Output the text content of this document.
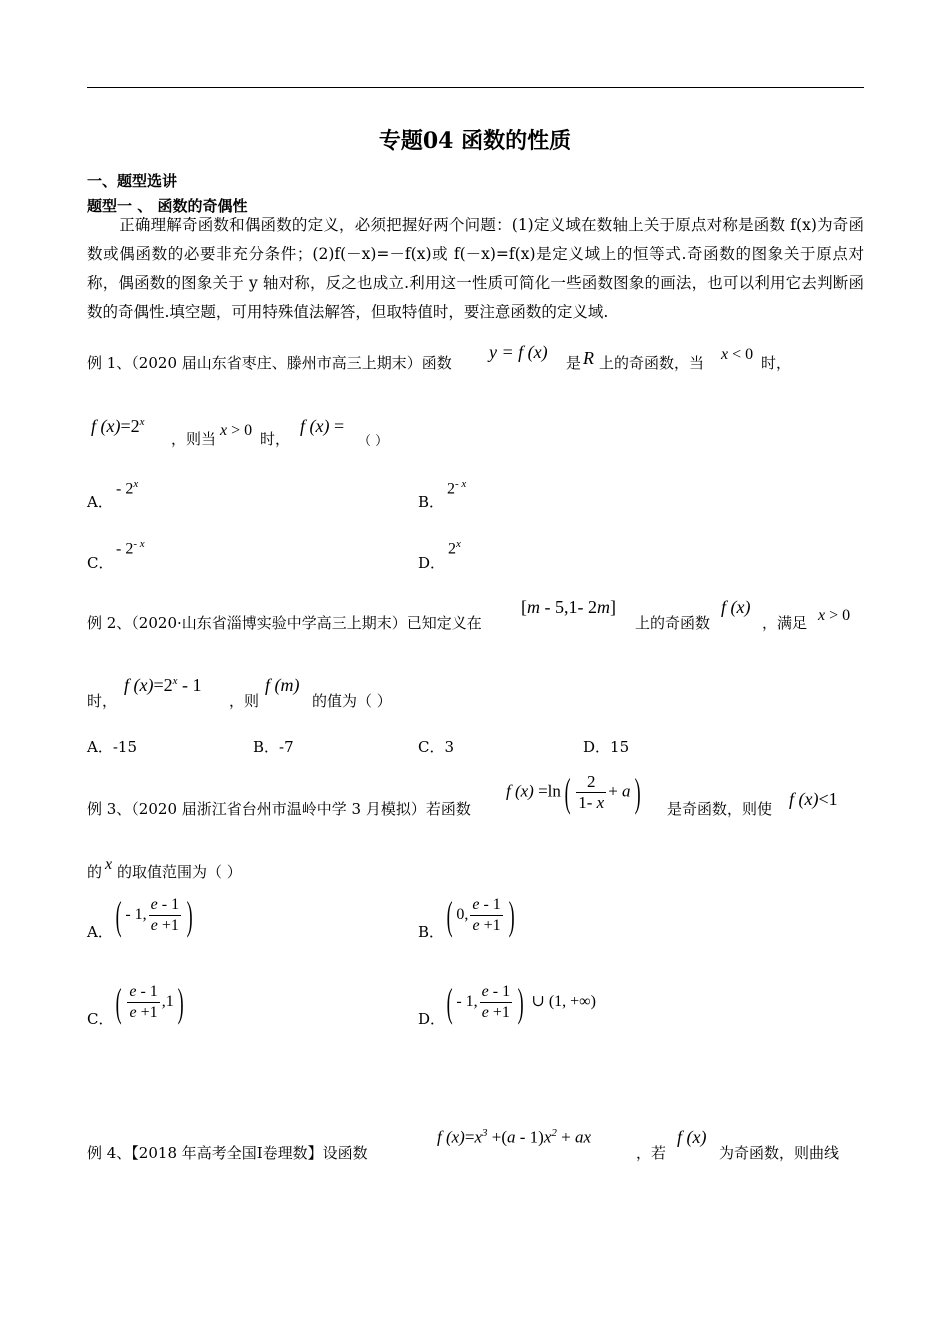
专题04 函数的性质
一、题型选讲
题型一 、 函数的奇偶性
正确理解奇函数和偶函数的定义，必须把握好两个问题：(1)定义域在数轴上关于原点对称是函数 f(x)为奇函数或偶函数的必要非充分条件；(2)f(－x)=－f(x)或 f(－x)=f(x)是定义域上的恒等式.奇函数的图象关于原点对称，偶函数的图象关于 y 轴对称，反之也成立.利用这一性质可简化一些函数图象的画法，也可以利用它去判断函数的奇偶性.填空题，可用特殊值法解答，但取特值时，要注意函数的定义域.
例 1、（2020 届山东省枣庄、滕州市高三上期末）函数
y = f (x)
是 R 上的奇函数，当 x < 0 时，
f $(x)=2^x$
，则当 x > 0 时，
f (x) =
（ ）
A．
- 2$^x$
B．
$2^{- x}$
C．
- $2^{- x}$
D．
2$^x$
例 2、（2020·山东省淄博实验中学高三上期末）已知定义在
[m - 5,1- 2m]
上的奇函数
f (x)
，满足 x > 0
时，
f $(x)=2^x - 1$
，则
f (m)
的值为（ ）
A．-15	B．-7	C．3	D．15
例 3、（2020 届浙江省台州市温岭中学 3 月模拟）若函数
f $(x) =\ln( \frac{2}{1- x} + a)$ 是奇函数，则使 f (x)<1
的 x 的取值范围为（ ）
A． ( - 1, $\frac{e - 1}{e +1}$ )	B． ( 0, $\frac{e - 1}{e +1}$ )
C． ( $\frac{e - 1}{e +1} ,1$)	D． ( - 1, $\frac{e - 1}{e +1}$ ) ∪ (1, +∞)
例 4、【2018 年高考全国Ⅰ卷理数】设函数
f $(x)=x^3 +(a - 1)x^2$ + ax
，若
f (x)
为奇函数，则曲线
